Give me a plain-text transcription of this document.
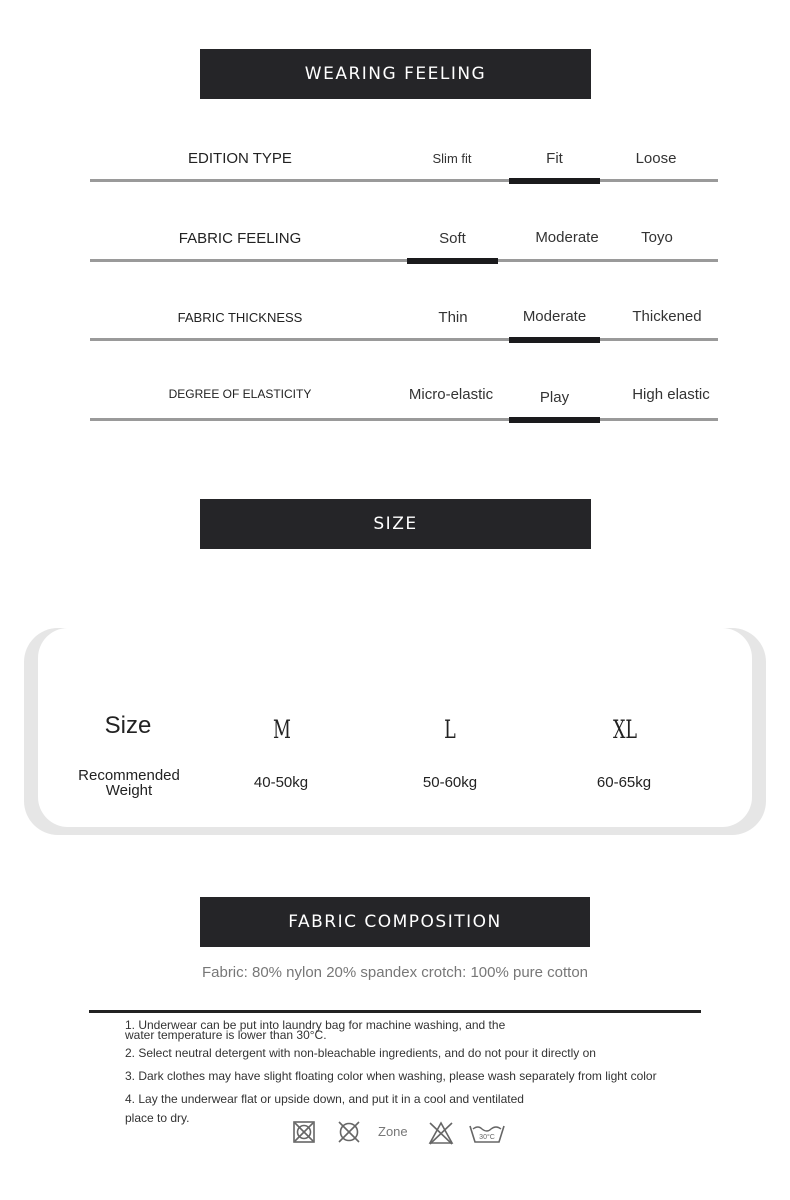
WEARING FEELING
EDITION TYPE	Slim fit	Fit	Loose
FABRIC FEELING	Soft	Moderate	Toyo
FABRIC THICKNESS	Thin	Moderate	Thickened
DEGREE OF ELASTICITY	Micro-elastic	Play	High elastic
SIZE
Size	M	L	XL
Recommended
Weight	40-50kg	50-60kg	60-65kg
FABRIC COMPOSITION
Fabric: 80% nylon 20% spandex crotch: 100% pure cotton
1. Underwear can be put into laundry bag for machine washing, and the
water temperature is lower than 30°C.
2. Select neutral detergent with non-bleachable ingredients, and do not pour it directly on
3. Dark clothes may have slight floating color when washing, please wash separately from light color
4. Lay the underwear flat or upside down, and put it in a cool and ventilated
place to dry.
Zone	30°C
